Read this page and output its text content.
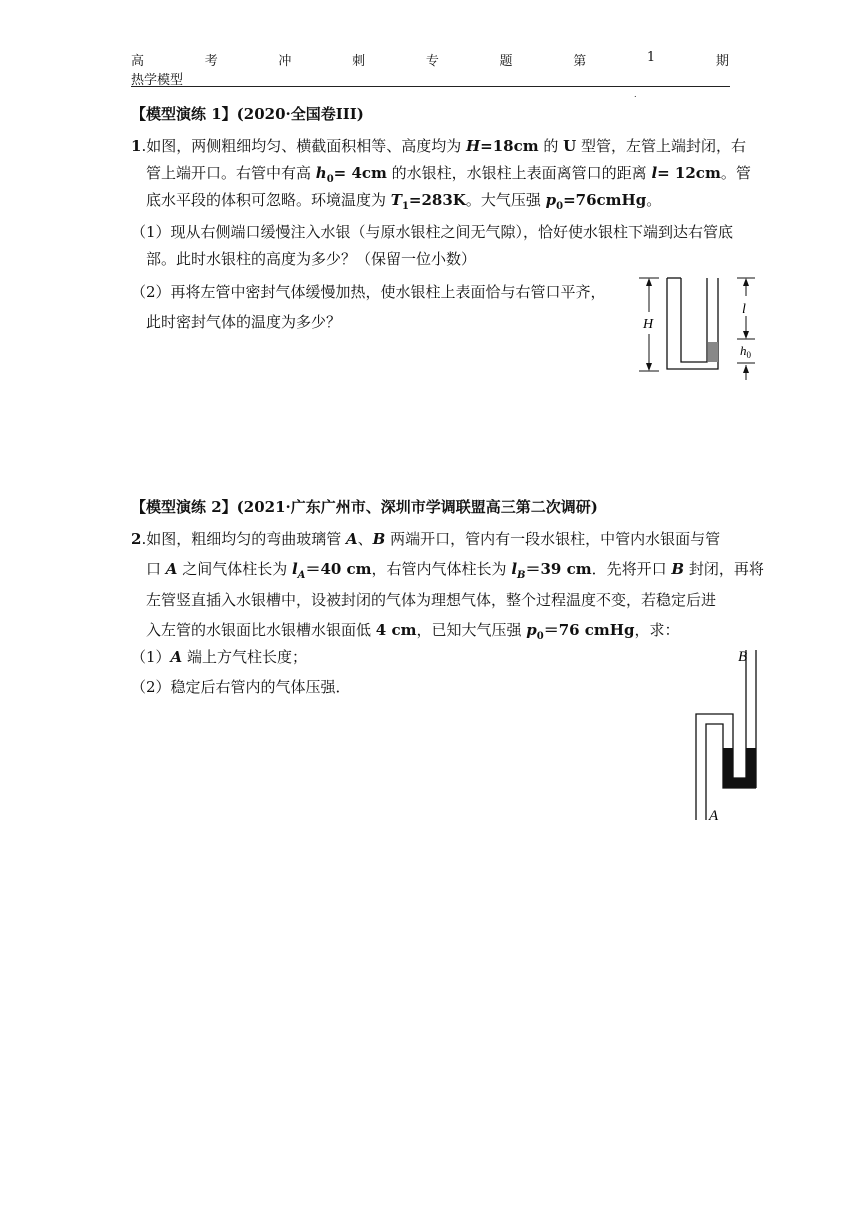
高	考	冲	刺	专	题	第	1	期
热学模型
.
【模型演练 1】(2020·全国卷III)
1.如图，两侧粗细均匀、横截面积相等、高度均为 H=18cm 的 U 型管，左管上端封闭，右
管上端开口。右管中有高 $h_0= 4cm$ 的水银柱，水银柱上表面离管口的距离 l= 12cm。管
底水平段的体积可忽略。环境温度为 $T_1=283K$。大气压强 $p_0=76cmHg$。
（1）现从右侧端口缓慢注入水银（与原水银柱之间无气隙），恰好使水银柱下端到达右管底
部。此时水银柱的高度为多少？（保留一位小数）
（2）再将左管中密封气体缓慢加热，使水银柱上表面恰与右管口平齐，
此时密封气体的温度为多少？	H
l
$h_0$
【模型演练 2】(2021·广东广州市、深圳市学调联盟高三第二次调研)
2.如图，粗细均匀的弯曲玻璃管 A、B 两端开口，管内有一段水银柱，中管内水银面与管
口 A 之间气体柱长为 $l_A=40$ cm，右管内气体柱长为 $l_B=39$ cm．先将开口 B 封闭，再将
左管竖直插入水银槽中，设被封闭的气体为理想气体，整个过程温度不变，若稳定后进
入左管的水银面比水银槽水银面低 4 cm，已知大气压强 $p_0=76$ cmHg，求：
（1）A 端上方气柱长度；
（2）稳定后右管内的气体压强．
B
A
